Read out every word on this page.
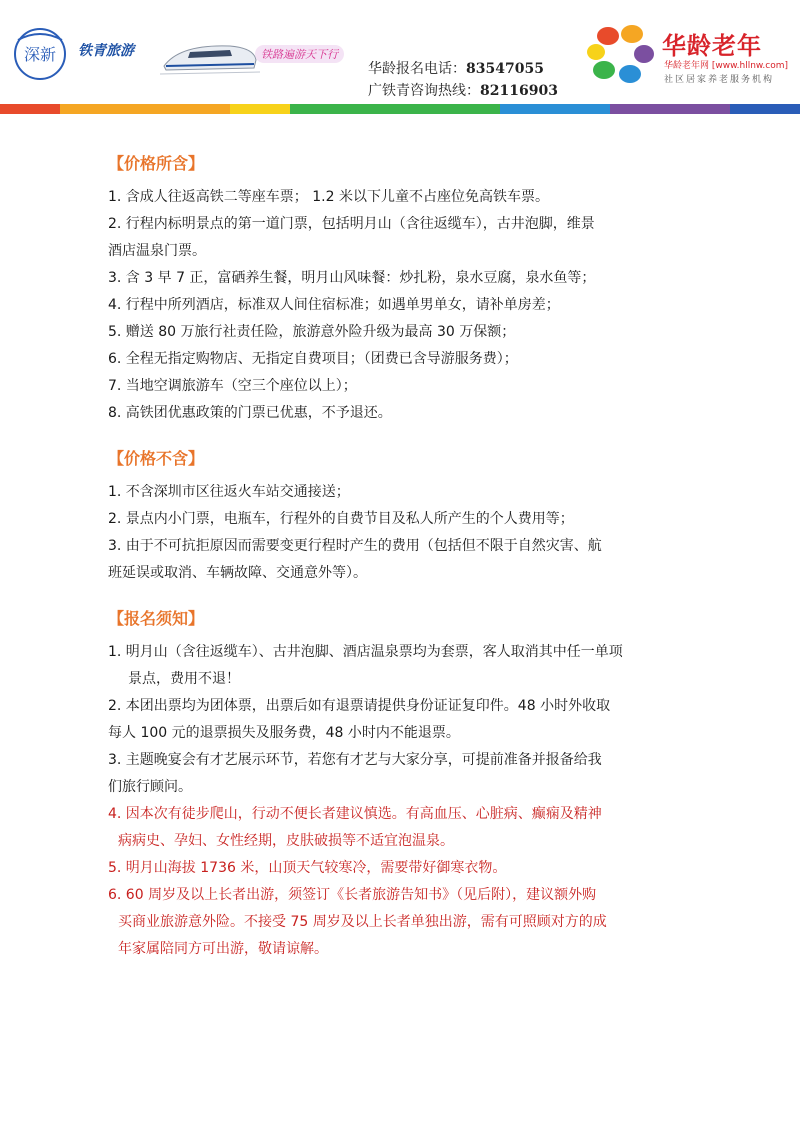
深新 铁青旅游	铁路遍游天下行
华龄报名电话：83547055
广铁青咨询热线：82116903
华龄老年
华龄老年网 [www.hllnw.com]
社区居家养老服务机构
【价格所含】

1. 含成人往返高铁二等座车票； 1.2 米以下儿童不占座位免高铁车票。

2. 行程内标明景点的第一道门票，包括明月山（含往返缆车），古井泡脚，维景

酒店温泉门票。

3. 含 3 早 7 正，富硒养生餐，明月山风味餐：炒扎粉，泉水豆腐，泉水鱼等；

4. 行程中所列酒店，标准双人间住宿标准；如遇单男单女，请补单房差；

5. 赠送 80 万旅行社责任险，旅游意外险升级为最高 30 万保额；

6. 全程无指定购物店、无指定自费项目；（团费已含导游服务费）；

7. 当地空调旅游车（空三个座位以上）；

8. 高铁团优惠政策的门票已优惠，不予退还。

【价格不含】

1. 不含深圳市区往返火车站交通接送；

2. 景点内小门票，电瓶车，行程外的自费节目及私人所产生的个人费用等；

3. 由于不可抗拒原因而需要变更行程时产生的费用（包括但不限于自然灾害、航

班延误或取消、车辆故障、交通意外等）。

【报名须知】

1. 明月山（含往返缆车）、古井泡脚、酒店温泉票均为套票，客人取消其中任一单项

景点，费用不退！

2. 本团出票均为团体票，出票后如有退票请提供身份证证复印件。48 小时外收取

每人 100 元的退票损失及服务费，48 小时内不能退票。

3. 主题晚宴会有才艺展示环节，若您有才艺与大家分享，可提前准备并报备给我

们旅行顾问。

4. 因本次有徒步爬山，行动不便长者建议慎选。有高血压、心脏病、癫痫及精神

病病史、孕妇、女性经期，皮肤破损等不适宜泡温泉。

5. 明月山海拔 1736 米，山顶天气较寒冷，需要带好御寒衣物。

6. 60 周岁及以上长者出游，须签订《长者旅游告知书》（见后附），建议额外购

买商业旅游意外险。不接受 75 周岁及以上长者单独出游，需有可照顾对方的成

年家属陪同方可出游，敬请谅解。
